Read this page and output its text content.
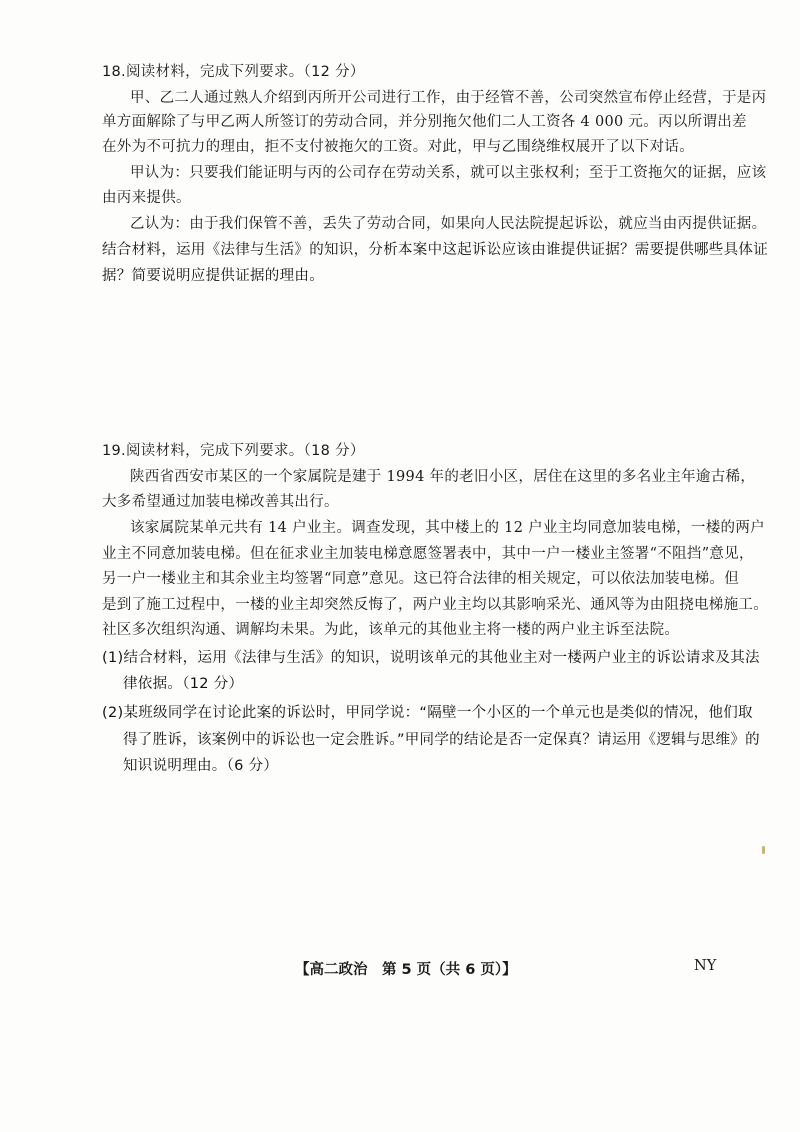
18.阅读材料，完成下列要求。（12 分）
甲、乙二人通过熟人介绍到丙所开公司进行工作，由于经管不善，公司突然宣布停止经营，于是丙
单方面解除了与甲乙两人所签订的劳动合同，并分别拖欠他们二人工资各 4 000 元。丙以所谓出差
在外为不可抗力的理由，拒不支付被拖欠的工资。对此，甲与乙围绕维权展开了以下对话。
甲认为：只要我们能证明与丙的公司存在劳动关系，就可以主张权利；至于工资拖欠的证据，应该
由丙来提供。
乙认为：由于我们保管不善，丢失了劳动合同，如果向人民法院提起诉讼，就应当由丙提供证据。
结合材料，运用《法律与生活》的知识，分析本案中这起诉讼应该由谁提供证据？需要提供哪些具体证
据？简要说明应提供证据的理由。
19.阅读材料，完成下列要求。（18 分）
陕西省西安市某区的一个家属院是建于 1994 年的老旧小区，居住在这里的多名业主年逾古稀，
大多希望通过加装电梯改善其出行。
该家属院某单元共有 14 户业主。调查发现，其中楼上的 12 户业主均同意加装电梯，一楼的两户
业主不同意加装电梯。但在征求业主加装电梯意愿签署表中，其中一户一楼业主签署“不阻挡”意见，
另一户一楼业主和其余业主均签署“同意”意见。这已符合法律的相关规定，可以依法加装电梯。但
是到了施工过程中，一楼的业主却突然反悔了，两户业主均以其影响采光、通风等为由阻挠电梯施工。
社区多次组织沟通、调解均未果。为此，该单元的其他业主将一楼的两户业主诉至法院。
(1)结合材料，运用《法律与生活》的知识，说明该单元的其他业主对一楼两户业主的诉讼请求及其法
律依据。（12 分）
(2)某班级同学在讨论此案的诉讼时，甲同学说：“隔壁一个小区的一个单元也是类似的情况，他们取
得了胜诉，该案例中的诉讼也一定会胜诉。”甲同学的结论是否一定保真？请运用《逻辑与思维》的
知识说明理由。（6 分）
【高二政治　第 5 页（共 6 页）】	NY
